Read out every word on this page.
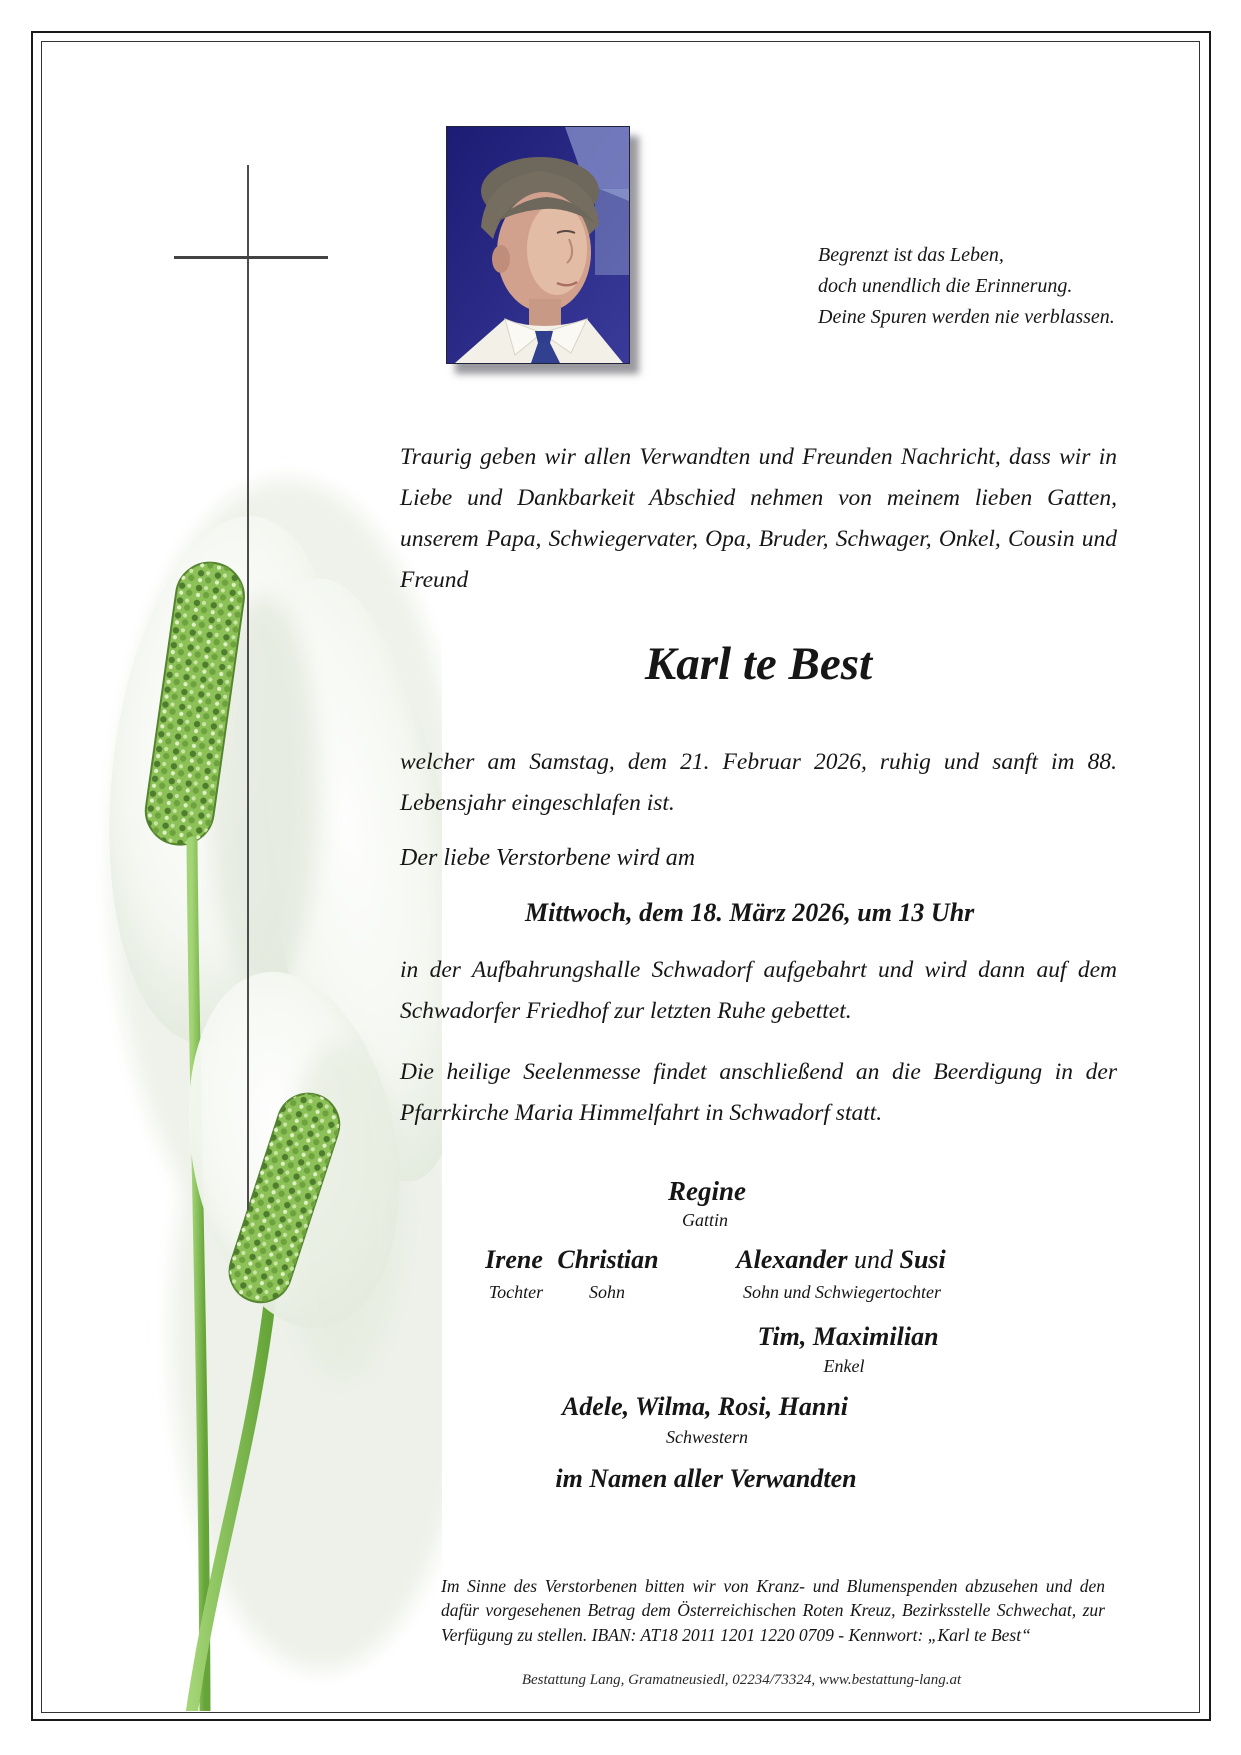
Begrenzt ist das Leben,
doch unendlich die Erinnerung.
Deine Spuren werden nie verblassen.

Traurig geben wir allen Verwandten und Freunden Nachricht, dass wir in Liebe und Dankbarkeit Abschied nehmen von meinem lieben Gatten, unserem Papa, Schwiegervater, Opa, Bruder, Schwager, Onkel, Cousin und Freund

Karl te Best

welcher am Samstag, dem 21. Februar 2026, ruhig und sanft im 88. Lebensjahr eingeschlafen ist.

Der liebe Verstorbene wird am
Mittwoch, dem 18. März 2026, um 13 Uhr

in der Aufbahrungshalle Schwadorf aufgebahrt und wird dann auf dem Schwadorfer Friedhof zur letzten Ruhe gebettet.

Die heilige Seelenmesse findet anschließend an die Beerdigung in der Pfarrkirche Maria Himmelfahrt in Schwadorf statt.

Regine
Gattin
Irene Christian	Alexander und Susi
Tochter	Sohn	Sohn und Schwiegertochter
Tim, Maximilian
Enkel
Adele, Wilma, Rosi, Hanni
Schwestern
im Namen aller Verwandten

Im Sinne des Verstorbenen bitten wir von Kranz- und Blumenspenden abzusehen und den dafür vorgesehenen Betrag dem Österreichischen Roten Kreuz, Bezirksstelle Schwechat, zur Verfügung zu stellen. IBAN: AT18 2011 1201 1220 0709 - Kennwort: „Karl te Best“

Bestattung Lang, Gramatneusiedl, 02234/73324, www.bestattung-lang.at
